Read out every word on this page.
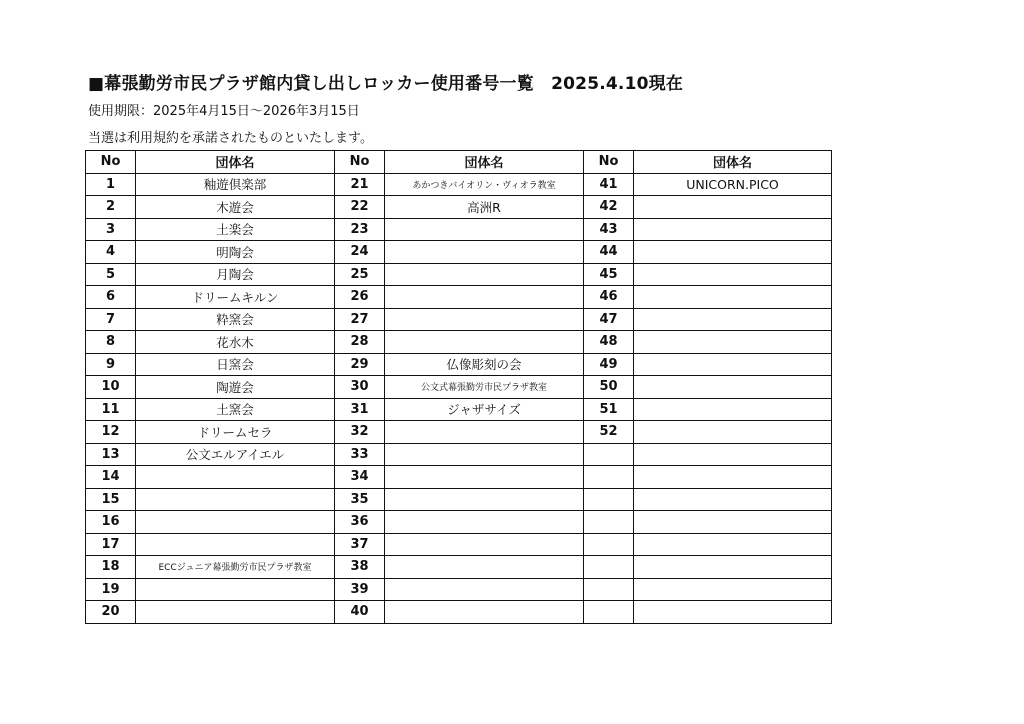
■幕張勤労市民プラザ館内貸し出しロッカー使用番号一覧　2025.4.10現在
使用期限：2025年4月15日～2026年3月15日
当選は利用規約を承諾されたものといたします。
No	団体名	No	団体名	No	団体名
1	釉遊倶楽部	21	あかつきバイオリン・ヴィオラ教室	41	UNICORN.PICO
2	木遊会	22	高洲R	42	
3	土楽会	23		43	
4	明陶会	24		44	
5	月陶会	25		45	
6	ドリームキルン	26		46	
7	粋窯会	27		47	
8	花水木	28		48	
9	日窯会	29	仏像彫刻の会	49	
10	陶遊会	30	公文式幕張勤労市民プラザ教室	50	
11	土窯会	31	ジャザサイズ	51	
12	ドリームセラ	32		52	
13	公文エルアイエル	33			
14		34			
15		35			
16		36			
17		37			
18	ECCジュニア幕張勤労市民プラザ教室	38			
19		39			
20		40			
